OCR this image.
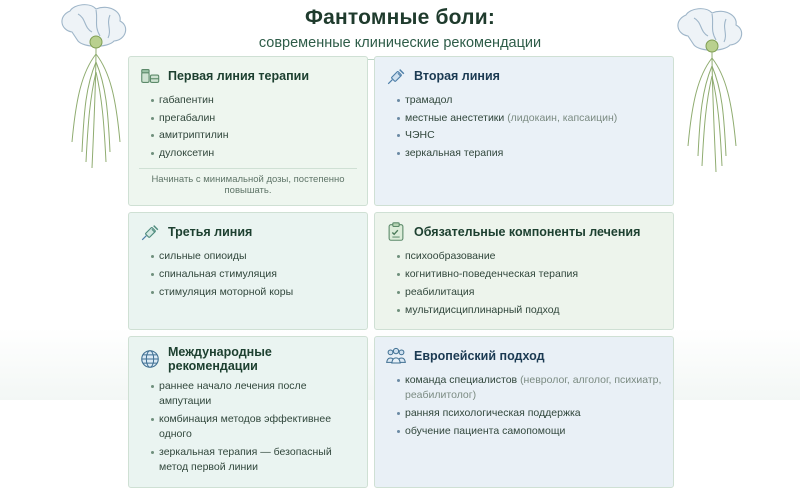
Фантомные боли:
современные клинические рекомендации
Первая линия терапии
габапентин
прегабалин
амитриптилин
дулоксетин
Начинать с минимальной дозы, постепенно повышать.
Вторая линия
трамадол
местные анестетики (лидокаин, капсаицин)
ЧЭНС
зеркальная терапия
Третья линия
сильные опиоиды
спинальная стимуляция
стимуляция моторной коры
Обязательные компоненты лечения
психообразование
когнитивно-поведенческая терапия
реабилитация
мультидисциплинарный подход
Международные рекомендации
раннее начало лечения после ампутации
комбинация методов эффективнее одного
зеркальная терапия — безопасный метод первой линии
Европейский подход
команда специалистов (невролог, алголог, психиатр, реабилитолог)
ранняя психологическая поддержка
обучение пациента самопомощи
